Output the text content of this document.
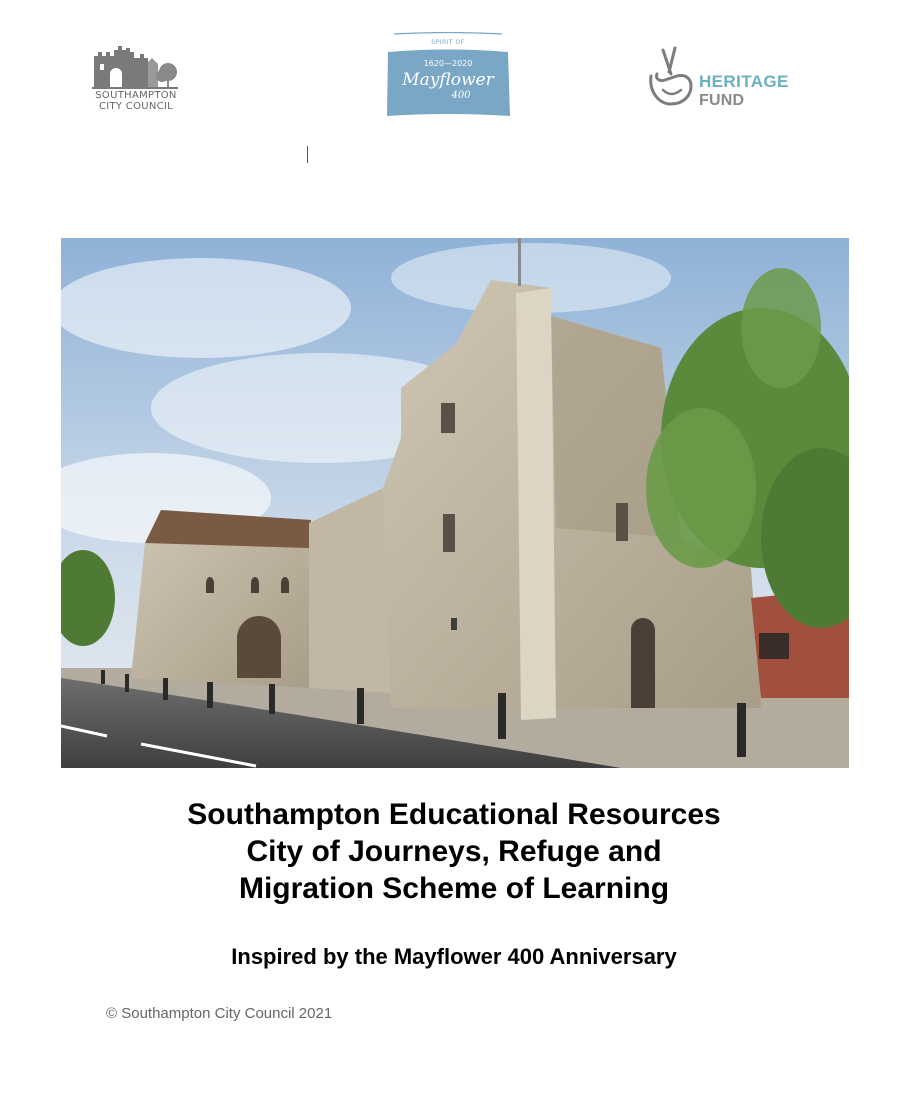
SOUTHAMPTON
CITY COUNCIL
SPIRIT OF
1620—2020
Mayflower
400
HERITAGE
FUND
Southampton Educational Resources
City of Journeys, Refuge and
Migration Scheme of Learning
Inspired by the Mayflower 400 Anniversary
© Southampton City Council 2021
